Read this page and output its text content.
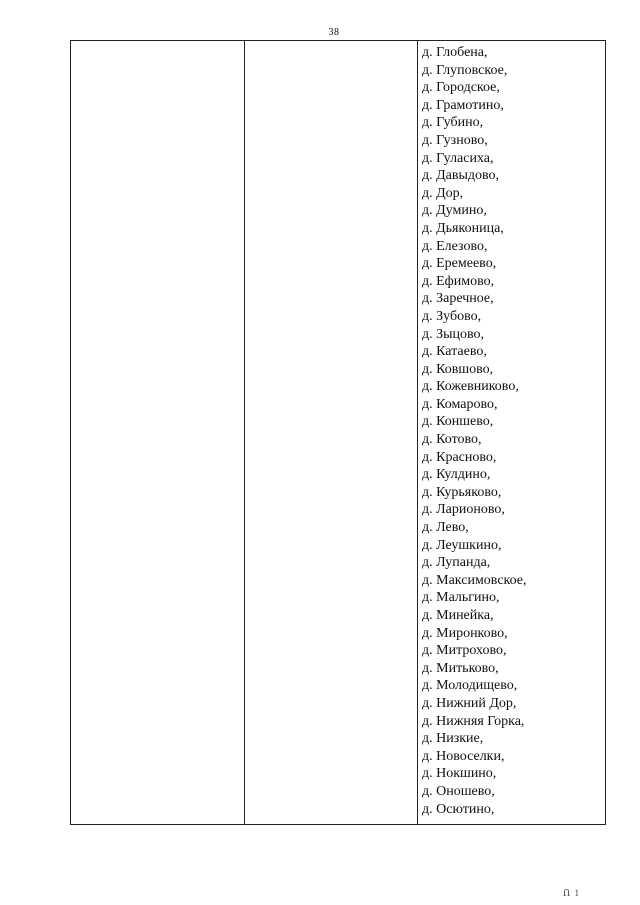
38

д. Глобена,
д. Глуповское,
д. Городское,
д. Грамотино,
д. Губино,
д. Гузново,
д. Гуласиха,
д. Давыдово,
д. Дор,
д. Думино,
д. Дьяконица,
д. Елезово,
д. Еремеево,
д. Ефимово,
д. Заречное,
д. Зубово,
д. Зыцово,
д. Катаево,
д. Ковшово,
д. Кожевниково,
д. Комарово,
д. Коншево,
д. Котово,
д. Красново,
д. Кулдино,
д. Курьяково,
д. Ларионово,
д. Лево,
д. Леушкино,
д. Лупанда,
д. Максимовское,
д. Мальгино,
д. Минейка,
д. Миронково,
д. Митрохово,
д. Митьково,
д. Молодищево,
д. Нижний Дор,
д. Нижняя Горка,
д. Низкие,
д. Новоселки,
д. Нокшино,
д. Оношево,
д. Осютино,
Ո 1
